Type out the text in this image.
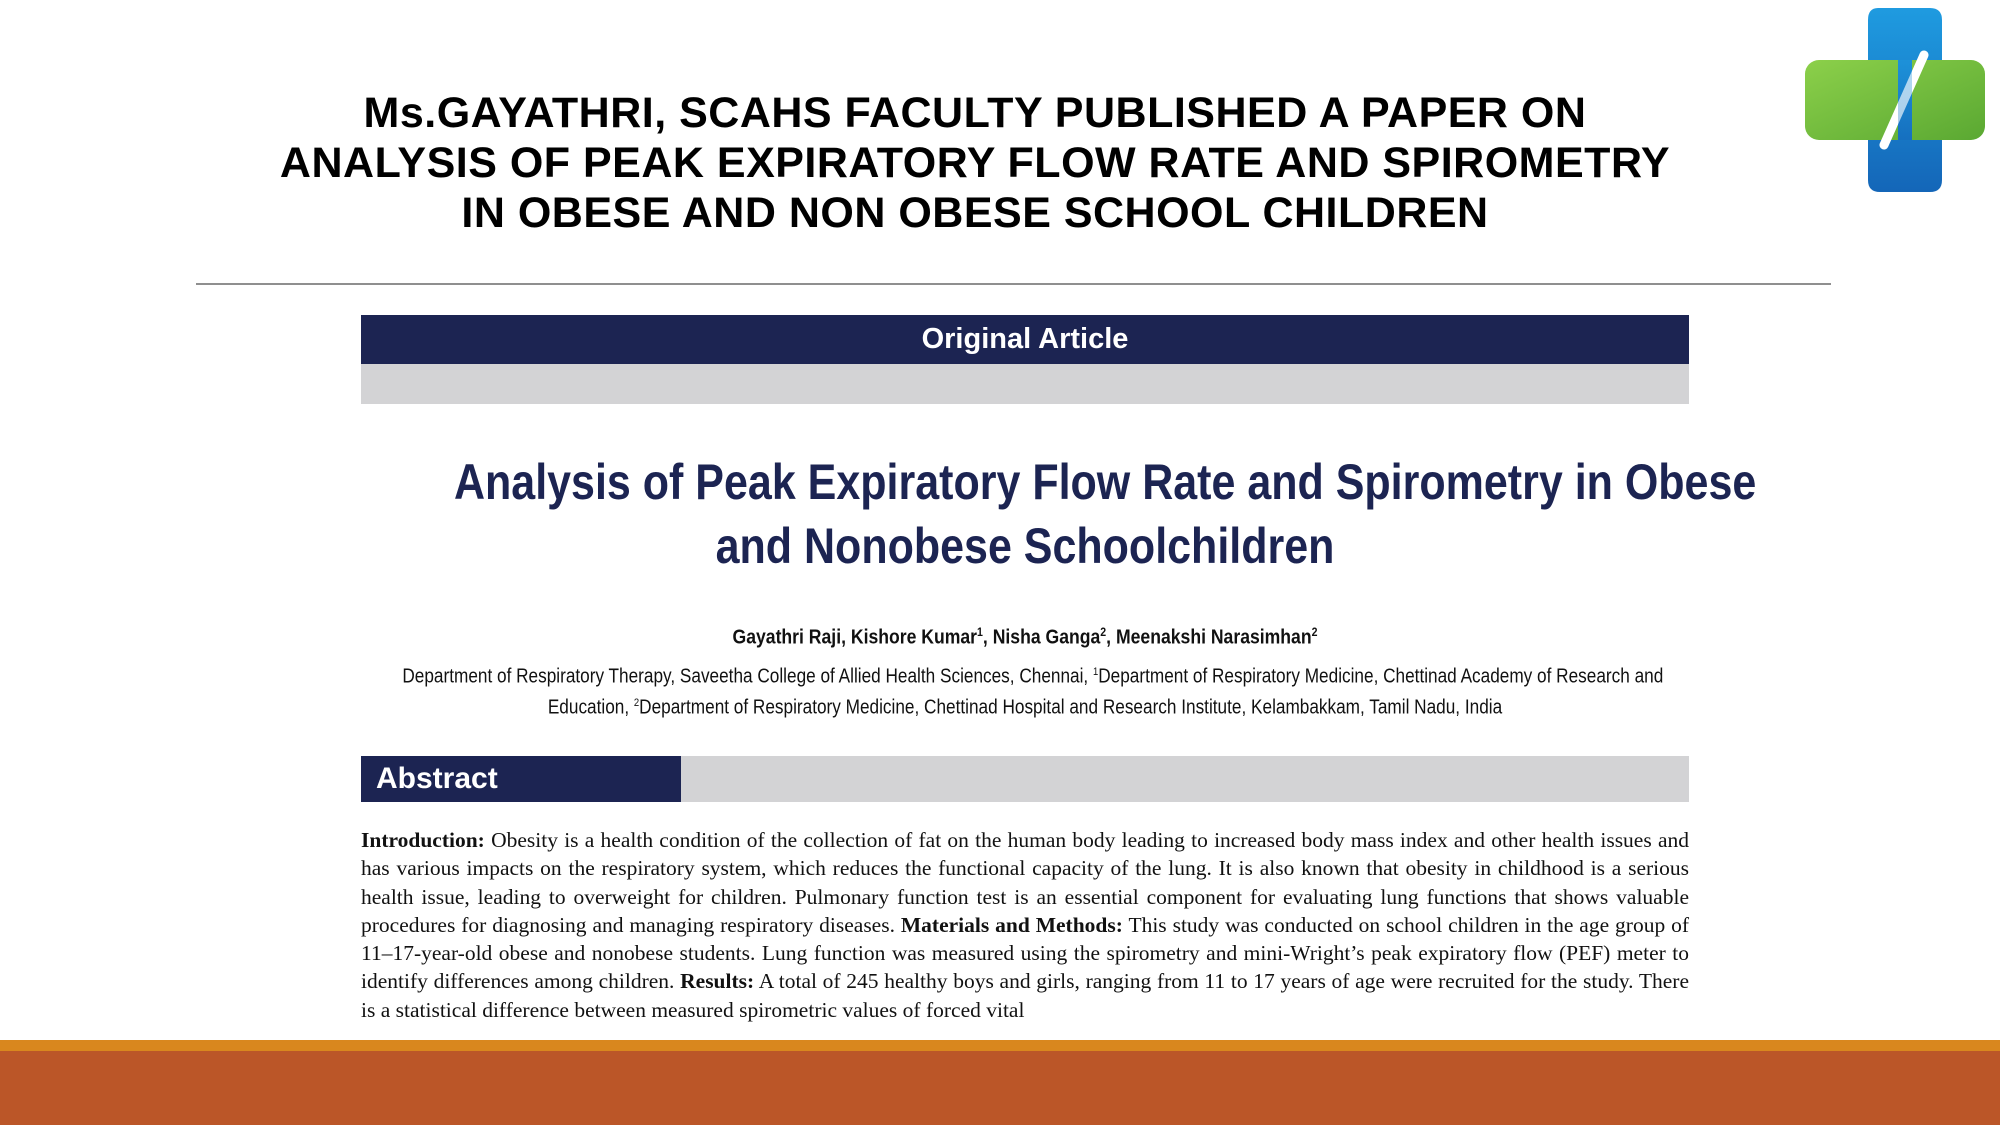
Ms.GAYATHRI, SCAHS FACULTY PUBLISHED A PAPER ON
ANALYSIS OF PEAK EXPIRATORY FLOW RATE AND SPIROMETRY
IN OBESE AND NON OBESE SCHOOL CHILDREN
Original Article
Analysis of Peak Expiratory Flow Rate and Spirometry in Obese
and Nonobese Schoolchildren
Gayathri Raji, Kishore Kumar$^1$, Nisha Ganga$^2$, Meenakshi Narasimhan$^2$
Department of Respiratory Therapy, Saveetha College of Allied Health Sciences, Chennai, $^1$Department of Respiratory Medicine, Chettinad Academy of Research and
Education, $^2$Department of Respiratory Medicine, Chettinad Hospital and Research Institute, Kelambakkam, Tamil Nadu, India
Abstract
Introduction: Obesity is a health condition of the collection of fat on the human body leading to increased body mass index and other health issues and has various impacts on the respiratory system, which reduces the functional capacity of the lung. It is also known that obesity in childhood is a serious health issue, leading to overweight for children. Pulmonary function test is an essential component for evaluating lung functions that shows valuable procedures for diagnosing and managing respiratory diseases. Materials and Methods: This study was conducted on school children in the age group of 11–17-year-old obese and nonobese students. Lung function was measured using the spirometry and mini-Wright’s peak expiratory flow (PEF) meter to identify differences among children. Results: A total of 245 healthy boys and girls, ranging from 11 to 17 years of age were recruited for the study. There is a statistical difference between measured spirometric values of forced vital
